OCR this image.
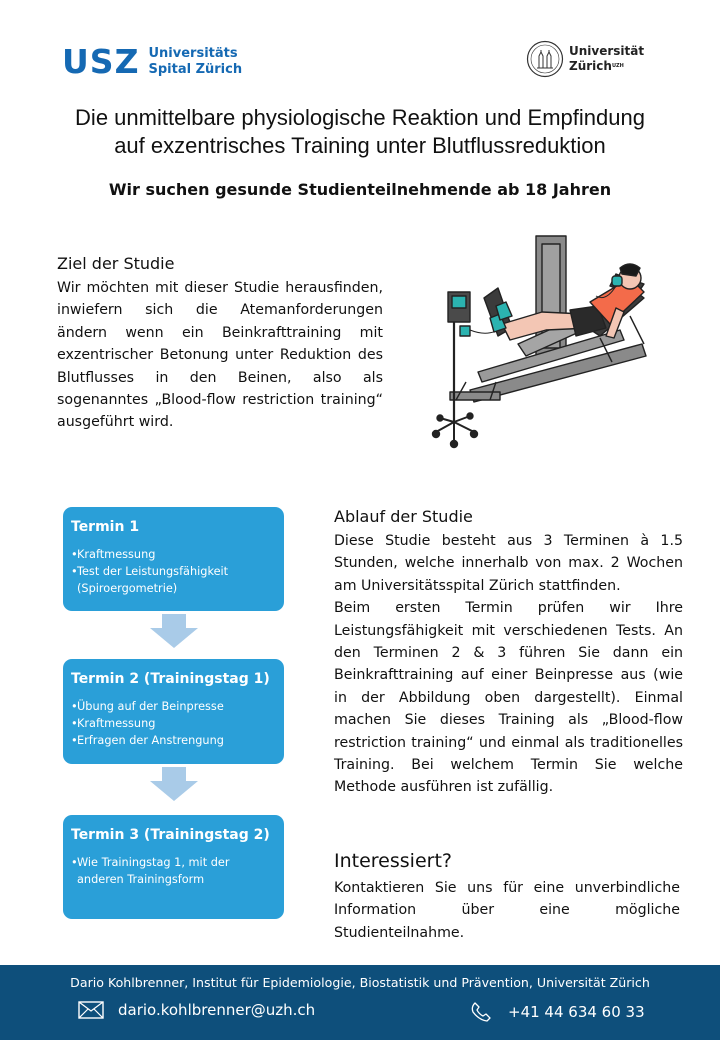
USZ Universitäts
Spital Zürich
Universität
Zürich$^{UZH}$
Die unmittelbare physiologische Reaktion und Empfindung
auf exzentrisches Training unter Blutflussreduktion
Wir suchen gesunde Studienteilnehmende ab 18 Jahren
Ziel der Studie
Wir möchten mit dieser Studie herausfinden, inwiefern sich die Atemanforderungen ändern wenn ein Beinkrafttraining mit exzentrischer Betonung unter Reduktion des Blutflusses in den Beinen, also als sogenanntes „Blood-flow restriction training“ ausgeführt wird.
Termin 1
• Kraftmessung
• Test der Leistungsfähigkeit (Spiroergometrie)
Termin 2 (Trainingstag 1)
• Übung auf der Beinpresse
• Kraftmessung
• Erfragen der Anstrengung
Termin 3 (Trainingstag 2)
• Wie Trainingstag 1, mit der anderen Trainingsform
Ablauf der Studie

Diese Studie besteht aus 3 Terminen à 1.5 Stunden, welche innerhalb von max. 2 Wochen am Universitätsspital Zürich stattfinden.

Beim ersten Termin prüfen wir Ihre Leistungsfähigkeit mit verschiedenen Tests. An den Terminen 2 & 3 führen Sie dann ein Beinkrafttraining auf einer Beinpresse aus (wie in der Abbildung oben dargestellt). Einmal machen Sie dieses Training als „Blood-flow restriction training“ und einmal als traditionelles Training. Bei welchem Termin Sie welche Methode ausführen ist zufällig.

Interessiert?
Kontaktieren Sie uns für eine unverbindliche Information über eine mögliche Studienteilnahme.
Dario Kohlbrenner, Institut für Epidemiologie, Biostatistik und Prävention, Universität Zürich
dario.kohlbrenner@uzh.ch	+41 44 634 60 33
